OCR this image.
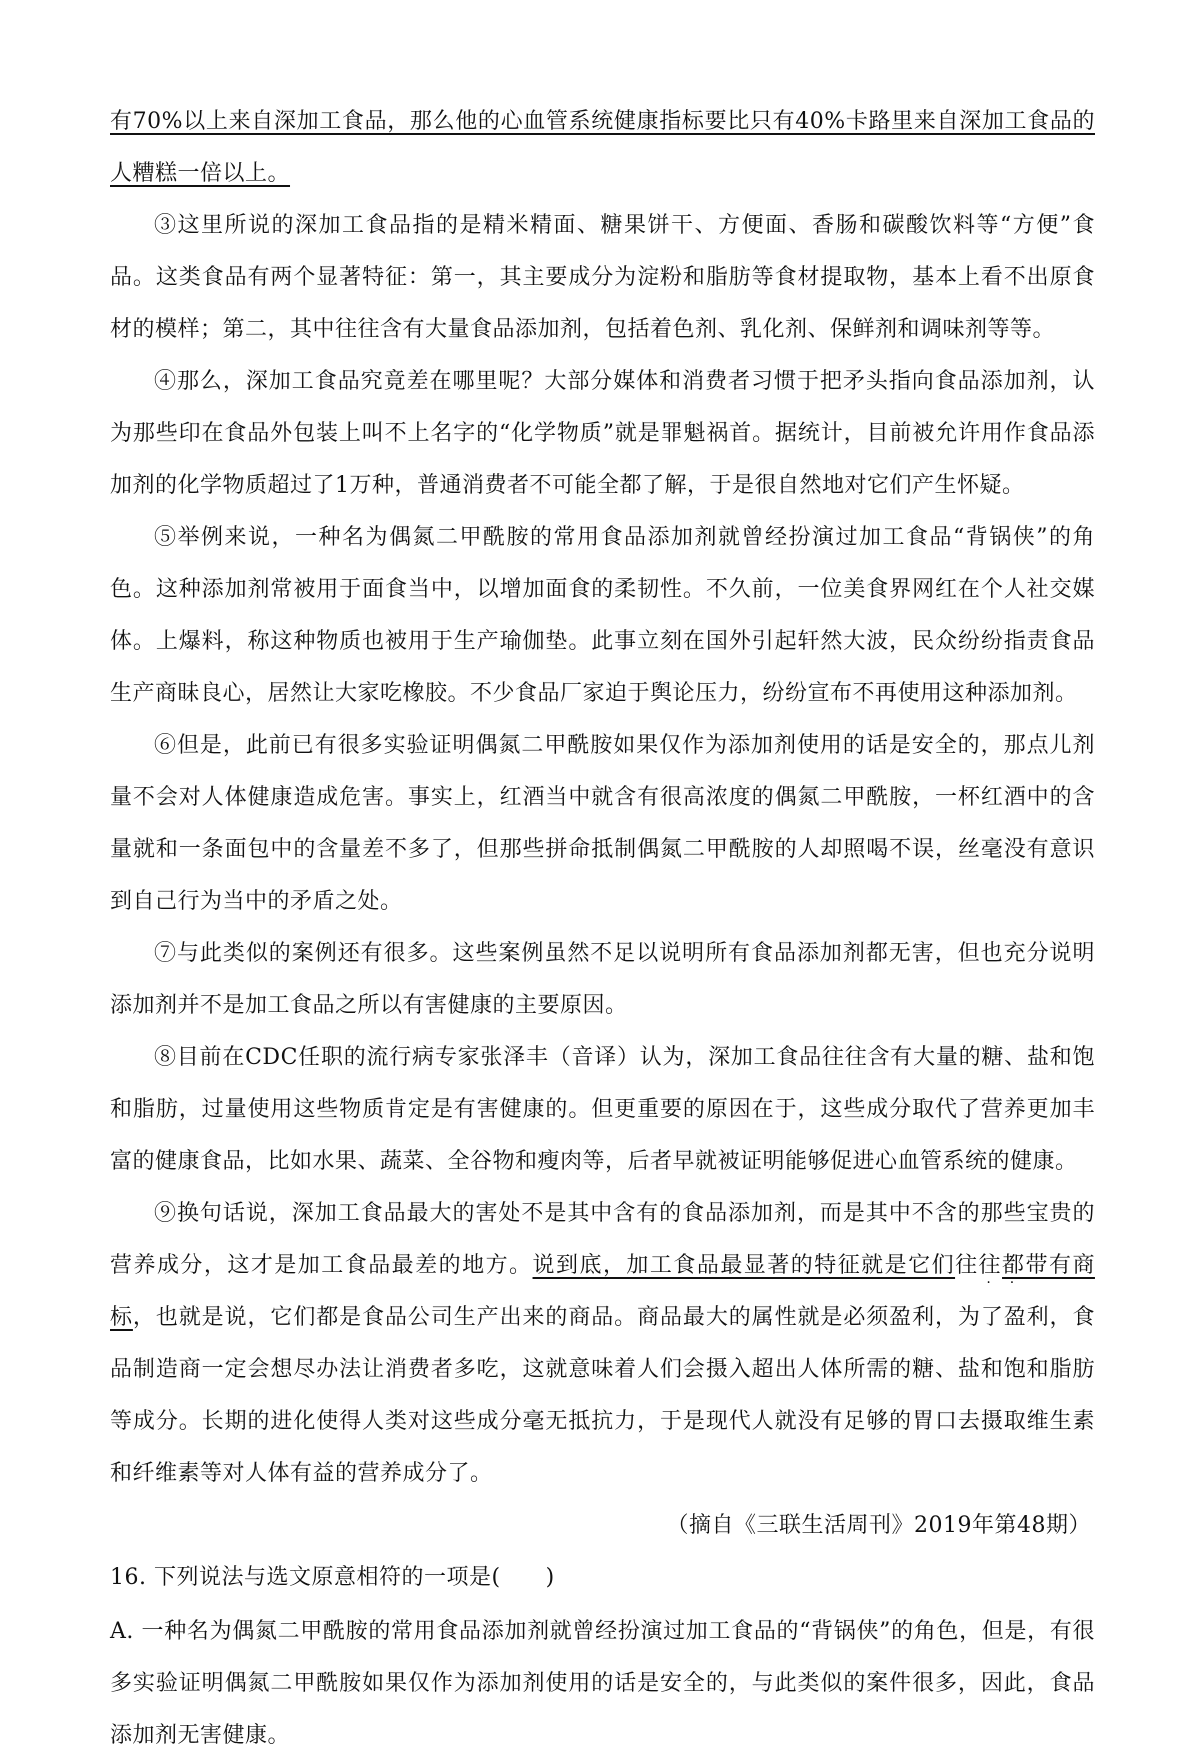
有70%以上来自深加工食品，那么他的心血管系统健康指标要比只有40%卡路里来自深加工食品的人糟糕一倍以上。

③这里所说的深加工食品指的是精米精面、糖果饼干、方便面、香肠和碳酸饮料等“方便”食品。这类食品有两个显著特征：第一，其主要成分为淀粉和脂肪等食材提取物，基本上看不出原食材的模样；第二，其中往往含有大量食品添加剂，包括着色剂、乳化剂、保鲜剂和调味剂等等。

④那么，深加工食品究竟差在哪里呢？大部分媒体和消费者习惯于把矛头指向食品添加剂，认为那些印在食品外包装上叫不上名字的“化学物质”就是罪魁祸首。据统计，目前被允许用作食品添加剂的化学物质超过了1万种，普通消费者不可能全都了解，于是很自然地对它们产生怀疑。

⑤举例来说，一种名为偶氮二甲酰胺的常用食品添加剂就曾经扮演过加工食品“背锅侠”的角色。这种添加剂常被用于面食当中，以增加面食的柔韧性。不久前，一位美食界网红在个人社交媒体。上爆料，称这种物质也被用于生产瑜伽垫。此事立刻在国外引起轩然大波，民众纷纷指责食品生产商昧良心，居然让大家吃橡胶。不少食品厂家迫于舆论压力，纷纷宣布不再使用这种添加剂。

⑥但是，此前已有很多实验证明偶氮二甲酰胺如果仅作为添加剂使用的话是安全的，那点儿剂量不会对人体健康造成危害。事实上，红酒当中就含有很高浓度的偶氮二甲酰胺，一杯红酒中的含量就和一条面包中的含量差不多了，但那些拼命抵制偶氮二甲酰胺的人却照喝不误，丝毫没有意识到自己行为当中的矛盾之处。

⑦与此类似的案例还有很多。这些案例虽然不足以说明所有食品添加剂都无害，但也充分说明添加剂并不是加工食品之所以有害健康的主要原因。

⑧目前在CDC任职的流行病专家张泽丰（音译）认为，深加工食品往往含有大量的糖、盐和饱和脂肪，过量使用这些物质肯定是有害健康的。但更重要的原因在于，这些成分取代了营养更加丰富的健康食品，比如水果、蔬菜、全谷物和瘦肉等，后者早就被证明能够促进心血管系统的健康。

⑨换句话说，深加工食品最大的害处不是其中含有的食品添加剂，而是其中不含的那些宝贵的营养成分，这才是加工食品最差的地方。说到底，加工食品最显著的特征就是它们往
·
往
·
都带有商标，也就是说，它们都是食品公司生产出来的商品。商品最大的属性就是必须盈利，为了盈利，食品制造商一定会想尽办法让消费者多吃，这就意味着人们会摄入超出人体所需的糖、盐和饱和脂肪等成分。长期的进化使得人类对这些成分毫无抵抗力，于是现代人就没有足够的胃口去摄取维生素和纤维素等对人体有益的营养成分了。

（摘自《三联生活周刊》2019年第48期）

16. 下列说法与选文原意相符的一项是(　　)

A. 一种名为偶氮二甲酰胺的常用食品添加剂就曾经扮演过加工食品的“背锅侠”的角色，但是，有很多实验证明偶氮二甲酰胺如果仅作为添加剂使用的话是安全的，与此类似的案件很多，因此，食品添加剂无害健康。
